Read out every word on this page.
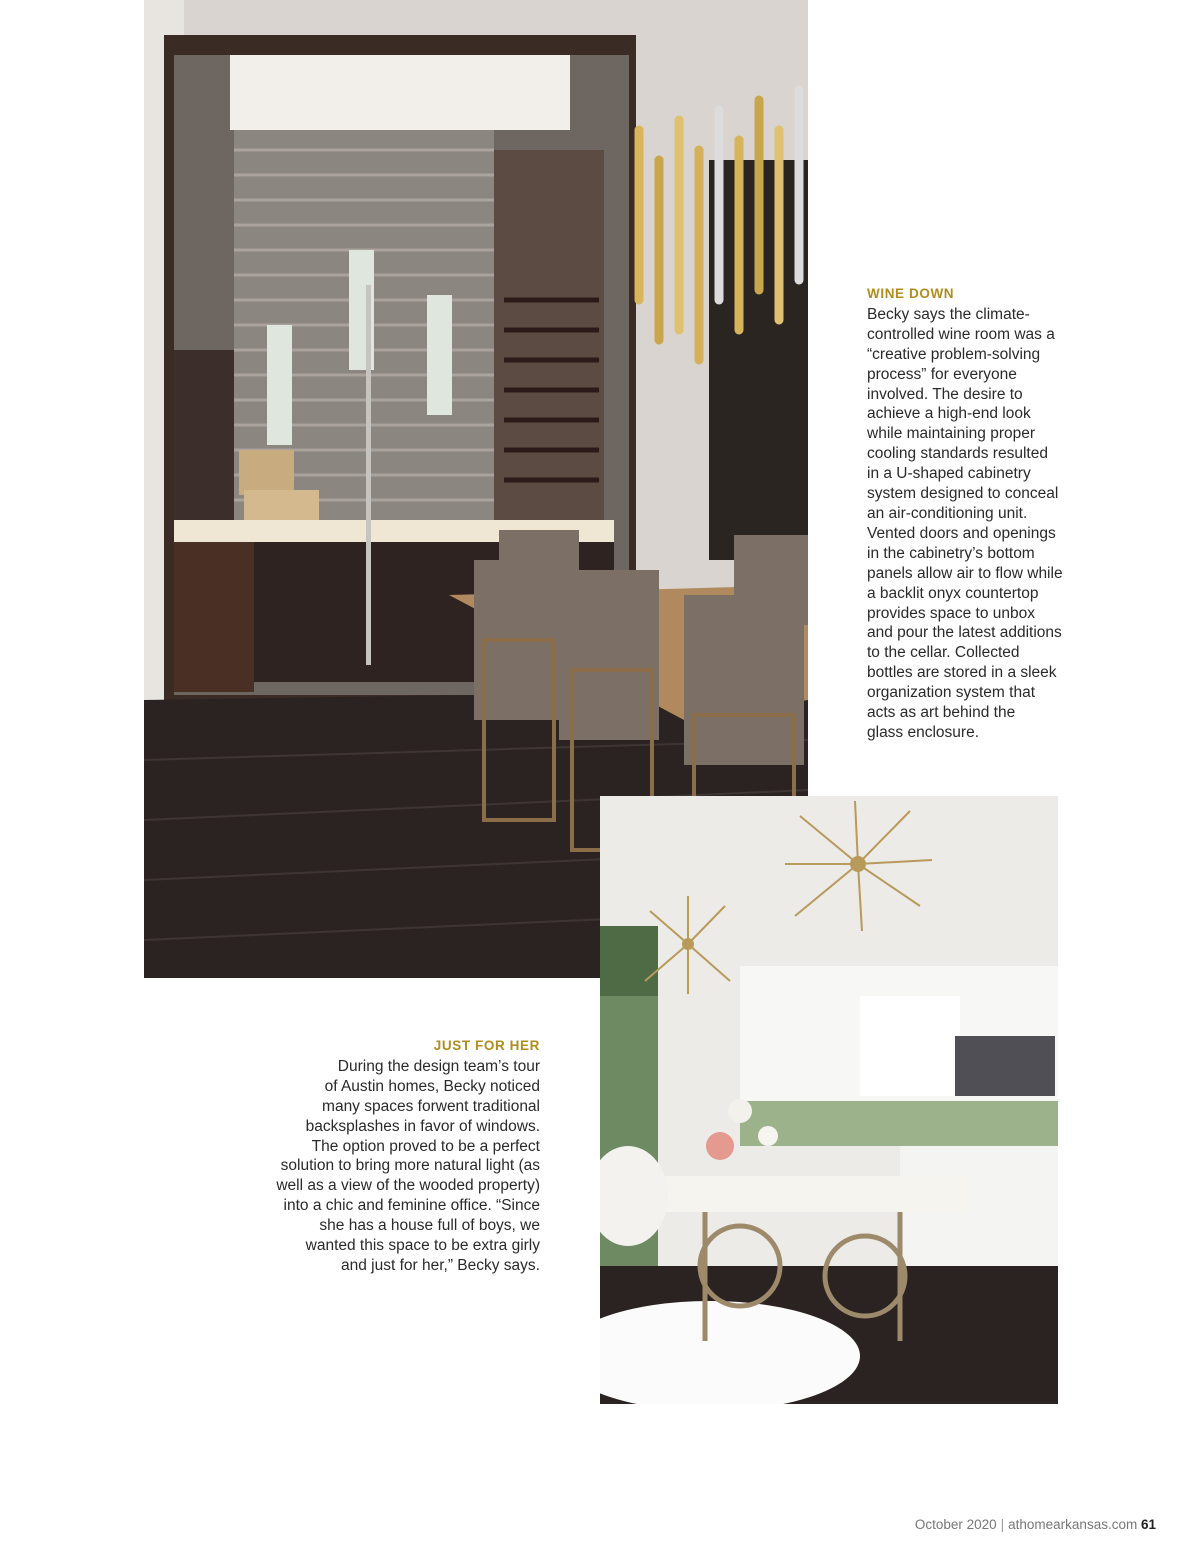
WINE DOWN
Becky says the climate-
controlled wine room was a
“creative problem-solving
process” for everyone
involved. The desire to
achieve a high-end look
while maintaining proper
cooling standards resulted
in a U-shaped cabinetry
system designed to conceal
an air-conditioning unit.
Vented doors and openings
in the cabinetry’s bottom
panels allow air to flow while
a backlit onyx countertop
provides space to unbox
and pour the latest additions
to the cellar. Collected
bottles are stored in a sleek
organization system that
acts as art behind the
glass enclosure.
JUST FOR HER
During the design team’s tour
of Austin homes, Becky noticed
many spaces forwent traditional
backsplashes in favor of windows.
The option proved to be a perfect
solution to bring more natural light (as
well as a view of the wooded property)
into a chic and feminine office. “Since
she has a house full of boys, we
wanted this space to be extra girly
and just for her,” Becky says.
October 2020 | athomearkansas.com 61
